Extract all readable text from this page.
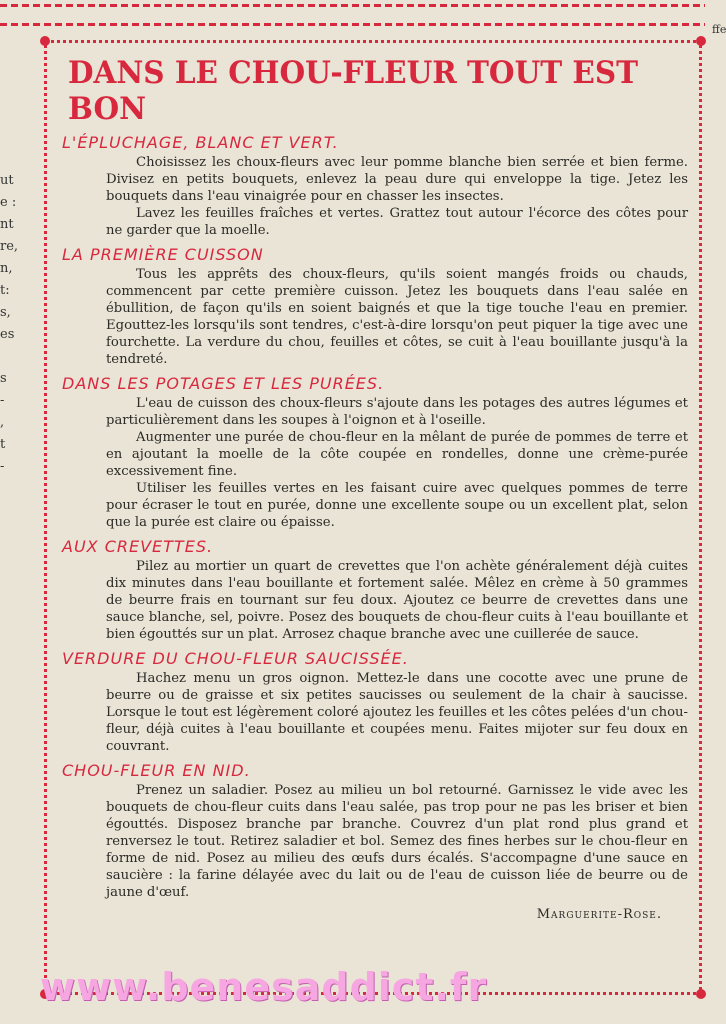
ut
e :
nt
re,
n,
t:
s,
es

s
-
,
t
-
ffe
DANS LE CHOU-FLEUR TOUT EST BON
L'ÉPLUCHAGE, BLANC ET VERT.

Choisissez les choux-fleurs avec leur pomme blanche bien serrée et bien ferme. Divisez en petits bouquets, enlevez la peau dure qui enveloppe la tige. Jetez les bouquets dans l'eau vinaigrée pour en chasser les insectes.

Lavez les feuilles fraîches et vertes. Grattez tout autour l'écorce des côtes pour ne garder que la moelle.

LA PREMIÈRE CUISSON

Tous les apprêts des choux-fleurs, qu'ils soient mangés froids ou chauds, commencent par cette première cuisson. Jetez les bouquets dans l'eau salée en ébullition, de façon qu'ils en soient baignés et que la tige touche l'eau en premier. Egouttez-les lorsqu'ils sont tendres, c'est-à-dire lorsqu'on peut piquer la tige avec une fourchette. La verdure du chou, feuilles et côtes, se cuit à l'eau bouillante jusqu'à la tendreté.

DANS LES POTAGES ET LES PURÉES.

L'eau de cuisson des choux-fleurs s'ajoute dans les potages des autres légumes et particulièrement dans les soupes à l'oignon et à l'oseille.

Augmenter une purée de chou-fleur en la mêlant de purée de pommes de terre et en ajoutant la moelle de la côte coupée en rondelles, donne une crème-purée excessivement fine.

Utiliser les feuilles vertes en les faisant cuire avec quelques pommes de terre pour écraser le tout en purée, donne une excellente soupe ou un excellent plat, selon que la purée est claire ou épaisse.

AUX CREVETTES.

Pilez au mortier un quart de crevettes que l'on achète généralement déjà cuites dix minutes dans l'eau bouillante et fortement salée. Mêlez en crème à 50 grammes de beurre frais en tournant sur feu doux. Ajoutez ce beurre de crevettes dans une sauce blanche, sel, poivre. Posez des bouquets de chou-fleur cuits à l'eau bouillante et bien égouttés sur un plat. Arrosez chaque branche avec une cuillerée de sauce.

VERDURE DU CHOU-FLEUR SAUCISSÉE.

Hachez menu un gros oignon. Mettez-le dans une cocotte avec une prune de beurre ou de graisse et six petites saucisses ou seulement de la chair à saucisse. Lorsque le tout est légèrement coloré ajoutez les feuilles et les côtes pelées d'un chou-fleur, déjà cuites à l'eau bouillante et coupées menu. Faites mijoter sur feu doux en couvrant.

CHOU-FLEUR EN NID.

Prenez un saladier. Posez au milieu un bol retourné. Garnissez le vide avec les bouquets de chou-fleur cuits dans l'eau salée, pas trop pour ne pas les briser et bien égouttés. Disposez branche par branche. Couvrez d'un plat rond plus grand et renversez le tout. Retirez saladier et bol. Semez des fines herbes sur le chou-fleur en forme de nid. Posez au milieu des œufs durs écalés. S'accompagne d'une sauce en saucière : la farine délayée avec du lait ou de l'eau de cuisson liée de beurre ou de jaune d'œuf.

Marguerite-Rose.
www.benesaddict.fr
